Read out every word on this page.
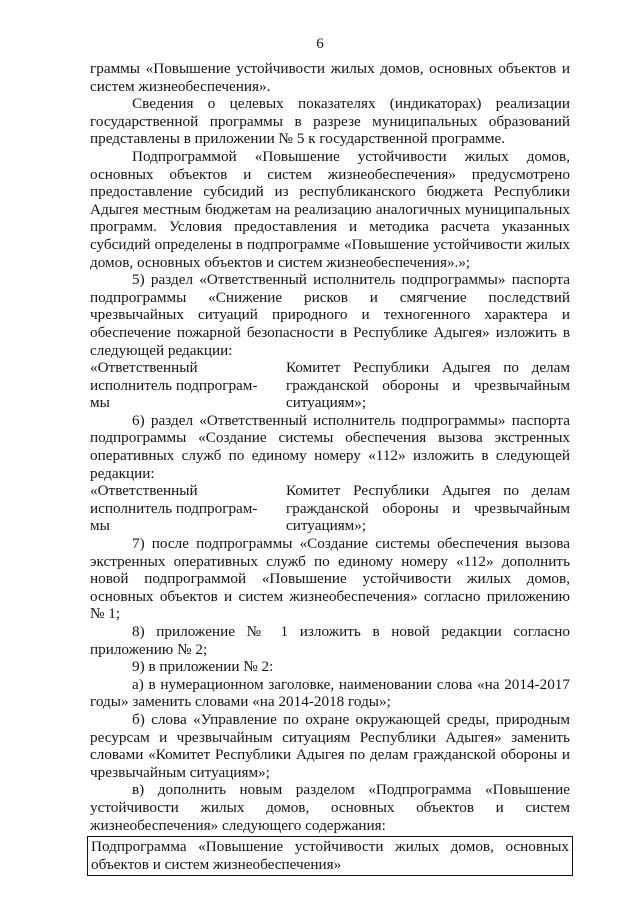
6

граммы «Повышение устойчивости жилых домов, основных объектов и систем жизнеобеспечения».

Сведения о целевых показателях (индикаторах) реализации государственной программы в разрезе муниципальных образований представлены в приложении № 5 к государственной программе.

Подпрограммой «Повышение устойчивости жилых домов, основных объектов и систем жизнеобеспечения» предусмотрено предоставление субсидий из республиканского бюджета Республики Адыгея местным бюджетам на реализацию аналогичных муниципальных программ. Условия предоставления и методика расчета указанных субсидий определены в подпрограмме «Повышение устойчивости жилых домов, основных объектов и систем жизнеобеспечения».»;

5) раздел «Ответственный исполнитель подпрограммы» паспорта подпрограммы «Снижение рисков и смягчение последствий чрезвычайных ситуаций природного и техногенного характера и обеспечение пожарной безопасности в Республике Адыгея» изложить в следующей редакции:

«Ответственный
исполнитель подпрограм-
мы
Комитет Республики Адыгея по делам гражданской обороны и чрезвычайным ситуациям»;

6) раздел «Ответственный исполнитель подпрограммы» паспорта подпрограммы «Создание системы обеспечения вызова экстренных оперативных служб по единому номеру «112» изложить в следующей редакции:

«Ответственный
исполнитель подпрограм-
мы
Комитет Республики Адыгея по делам гражданской обороны и чрезвычайным ситуациям»;

7) после подпрограммы «Создание системы обеспечения вызова экстренных оперативных служб по единому номеру «112» дополнить новой подпрограммой «Повышение устойчивости жилых домов, основных объектов и систем жизнеобеспечения» согласно приложению № 1;

8) приложение № 1 изложить в новой редакции согласно приложению № 2;

9) в приложении № 2:

а) в нумерационном заголовке, наименовании слова «на 2014-2017 годы» заменить словами «на 2014-2018 годы»;

б) слова «Управление по охране окружающей среды, природным ресурсам и чрезвычайным ситуациям Республики Адыгея» заменить словами «Комитет Республики Адыгея по делам гражданской обороны и чрезвычайным ситуациям»;

в) дополнить новым разделом «Подпрограмма «Повышение устойчивости жилых домов, основных объектов и систем жизнеобеспечения» следующего содержания:

Подпрограмма «Повышение устойчивости жилых домов, основных объектов и систем жизнеобеспечения»
